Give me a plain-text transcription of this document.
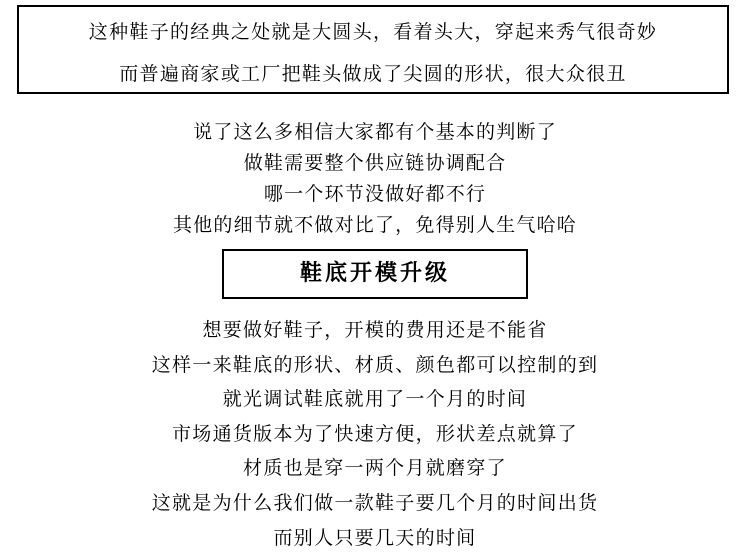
这种鞋子的经典之处就是大圆头，看着头大，穿起来秀气很奇妙
而普遍商家或工厂把鞋头做成了尖圆的形状，很大众很丑
说了这么多相信大家都有个基本的判断了
做鞋需要整个供应链协调配合
哪一个环节没做好都不行
其他的细节就不做对比了，免得别人生气哈哈
鞋底开模升级
想要做好鞋子，开模的费用还是不能省
这样一来鞋底的形状、材质、颜色都可以控制的到
就光调试鞋底就用了一个月的时间
市场通货版本为了快速方便，形状差点就算了
材质也是穿一两个月就磨穿了
这就是为什么我们做一款鞋子要几个月的时间出货
而别人只要几天的时间
